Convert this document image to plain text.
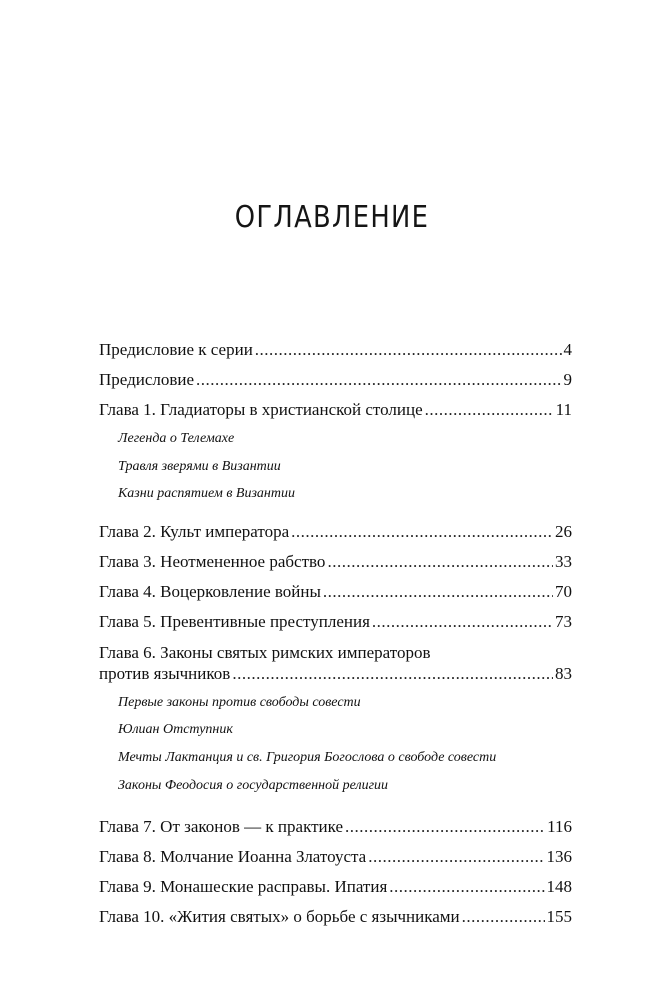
ОГЛАВЛЕНИЕ
Предисловие к серии .....	4
Предисловие .....	9
Глава 1. Гладиаторы в христианской столице .....	11
Легенда о Телемахе
Травля зверями в Византии
Казни распятием в Византии
Глава 2. Культ императора .....	26
Глава 3. Неотмененное рабство .....	33
Глава 4. Воцерковление войны .....	70
Глава 5. Превентивные преступления .....	73
Глава 6. Законы святых римских императоров
против язычников .....	83
Первые законы против свободы совести
Юлиан Отступник
Мечты Лактанция и св. Григория Богослова о свободе совести
Законы Феодосия о государственной религии
Глава 7. От законов — к практике .....	116
Глава 8. Молчание Иоанна Златоуста .....	136
Глава 9. Монашеские расправы. Ипатия .....	148
Глава 10. «Жития святых» о борьбе с язычниками .....	155
